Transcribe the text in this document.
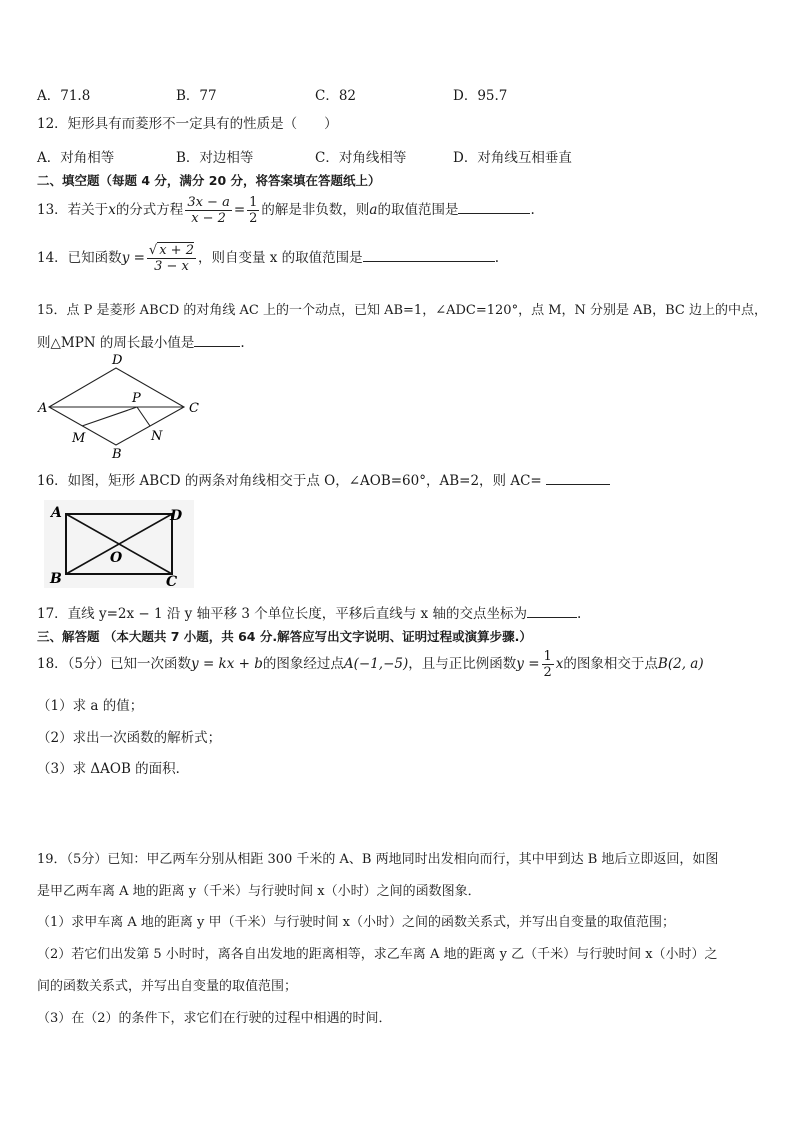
A．71.8	B．77	C．82	D．95.7
12．矩形具有而菱形不一定具有的性质是（　　）
A．对角相等	B．对边相等	C．对角线相等	D．对角线互相垂直
二、填空题（每题 4 分，满分 20 分，将答案填在答题纸上）
13．若关于x的分式方程 $\frac{3x - a}{x - 2} = \frac{1}{2}$ 的解是非负数，则a的取值范围是	.
14．已知函数$y = \frac{√ x + 2}{3 - x}$ ，则自变量 x 的取值范围是	.
15．点 P 是菱形 ABCD 的对角线 AC 上的一个动点，已知 AB=1，∠ADC=120°，点 M，N 分别是 AB，BC 边上的中点，
则△MPN 的周长最小值是	.
A
D
C
B
P
M	N
16．如图，矩形 ABCD 的两条对角线相交于点 O，∠AOB=60°，AB=2，则 AC=
A	D
B	C
O
17．直线 y=2x − 1 沿 y 轴平移 3 个单位长度，平移后直线与 x 轴的交点坐标为	.
三、解答题 （本大题共 7 小题，共 64 分.解答应写出文字说明、证明过程或演算步骤.）
18．（5分）已知一次函数y = kx + b的图象经过点A(−1,−5)，且与正比例函数$y = \frac{1}{2}$ x的图象相交于点B(2, a)
（1）求 a 的值；
（2）求出一次函数的解析式；
（3）求 ΔAOB 的面积．
19．（5分）已知：甲乙两车分别从相距 300 千米的 A、B 两地同时出发相向而行，其中甲到达 B 地后立即返回，如图
是甲乙两车离 A 地的距离 y（千米）与行驶时间 x（小时）之间的函数图象．
（1）求甲车离 A 地的距离 y 甲（千米）与行驶时间 x（小时）之间的函数关系式，并写出自变量的取值范围；
（2）若它们出发第 5 小时时，离各自出发地的距离相等，求乙车离 A 地的距离 y 乙（千米）与行驶时间 x（小时）之
间的函数关系式，并写出自变量的取值范围；
（3）在（2）的条件下，求它们在行驶的过程中相遇的时间．
